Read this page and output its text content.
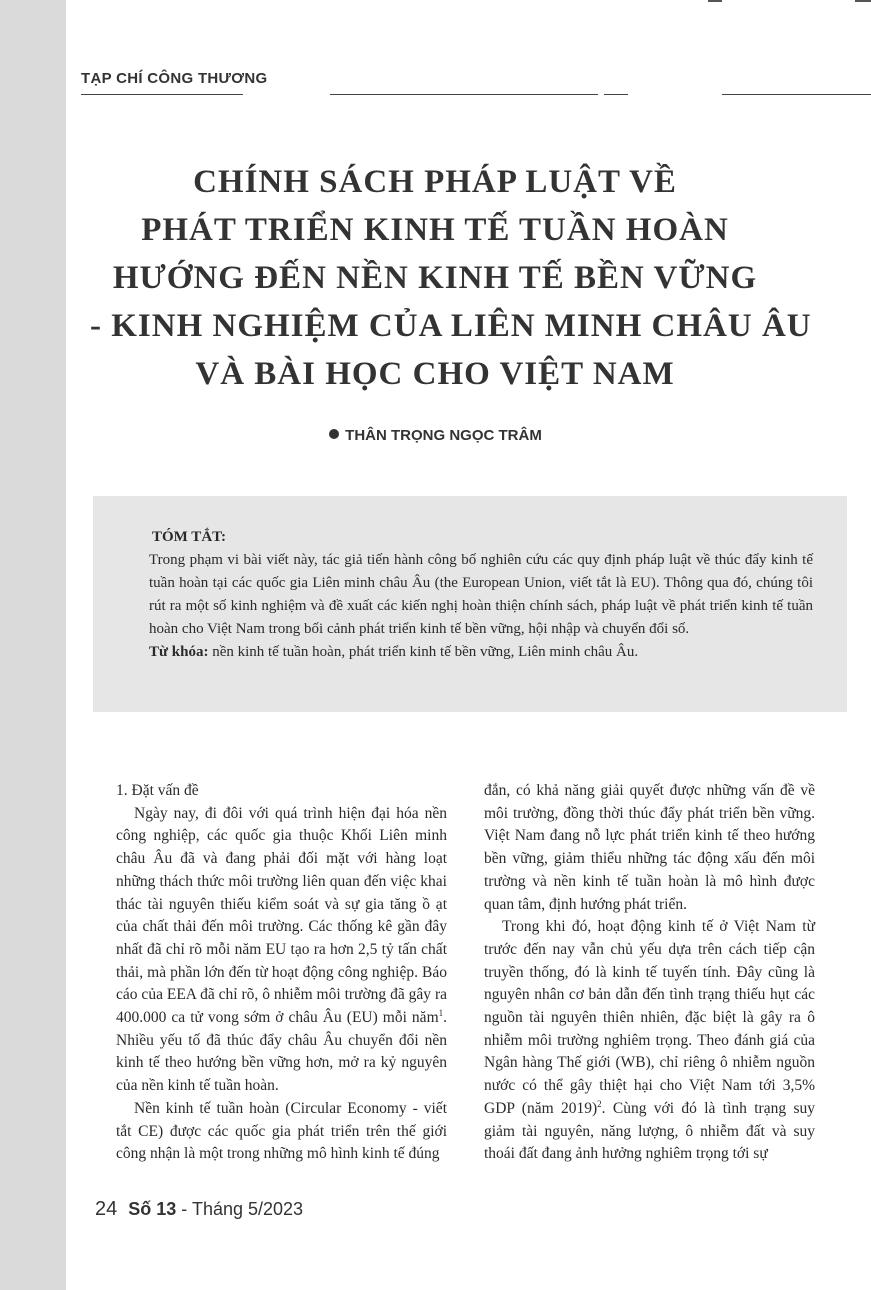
TẠP CHÍ CÔNG THƯƠNG
CHÍNH SÁCH PHÁP LUẬT VỀ
PHÁT TRIỂN KINH TẾ TUẦN HOÀN
HƯỚNG ĐẾN NỀN KINH TẾ BỀN VỮNG
- KINH NGHIỆM CỦA LIÊN MINH CHÂU ÂU
VÀ BÀI HỌC CHO VIỆT NAM
THÂN TRỌNG NGỌC TRÂM
TÓM TẮT:
Trong phạm vi bài viết này, tác giả tiến hành công bố nghiên cứu các quy định pháp luật về thúc đẩy kinh tế tuần hoàn tại các quốc gia Liên minh châu Âu (the European Union, viết tắt là EU). Thông qua đó, chúng tôi rút ra một số kinh nghiệm và đề xuất các kiến nghị hoàn thiện chính sách, pháp luật về phát triển kinh tế tuần hoàn cho Việt Nam trong bối cảnh phát triển kinh tế bền vững, hội nhập và chuyển đổi số.
Từ khóa: nền kinh tế tuần hoàn, phát triển kinh tế bền vững, Liên minh châu Âu.

1. Đặt vấn đề

Ngày nay, đi đôi với quá trình hiện đại hóa nền công nghiệp, các quốc gia thuộc Khối Liên minh châu Âu đã và đang phải đối mặt với hàng loạt những thách thức môi trường liên quan đến việc khai thác tài nguyên thiếu kiểm soát và sự gia tăng ồ ạt của chất thải đến môi trường. Các thống kê gần đây nhất đã chỉ rõ mỗi năm EU tạo ra hơn 2,5 tỷ tấn chất thải, mà phần lớn đến từ hoạt động công nghiệp. Báo cáo của EEA đã chỉ rõ, ô nhiễm môi trường đã gây ra 400.000 ca tử vong sớm ở châu Âu (EU) mỗi năm$^1$. Nhiều yếu tố đã thúc đẩy châu Âu chuyển đổi nền kinh tế theo hướng bền vững hơn, mở ra kỷ nguyên của nền kinh tế tuần hoàn.

Nền kinh tế tuần hoàn (Circular Economy - viết tắt CE) được các quốc gia phát triển trên thế giới công nhận là một trong những mô hình kinh tế đúng

đắn, có khả năng giải quyết được những vấn đề về môi trường, đồng thời thúc đẩy phát triển bền vững. Việt Nam đang nỗ lực phát triển kinh tế theo hướng bền vững, giảm thiểu những tác động xấu đến môi trường và nền kinh tế tuần hoàn là mô hình được quan tâm, định hướng phát triển.

Trong khi đó, hoạt động kinh tế ở Việt Nam từ trước đến nay vẫn chủ yếu dựa trên cách tiếp cận truyền thống, đó là kinh tế tuyến tính. Đây cũng là nguyên nhân cơ bản dẫn đến tình trạng thiếu hụt các nguồn tài nguyên thiên nhiên, đặc biệt là gây ra ô nhiễm môi trường nghiêm trọng. Theo đánh giá của Ngân hàng Thế giới (WB), chỉ riêng ô nhiễm nguồn nước có thể gây thiệt hại cho Việt Nam tới 3,5% GDP (năm 2019)$^2$. Cùng với đó là tình trạng suy giảm tài nguyên, năng lượng, ô nhiễm đất và suy thoái đất đang ảnh hưởng nghiêm trọng tới sự

24 Số 13 - Tháng 5/2023
